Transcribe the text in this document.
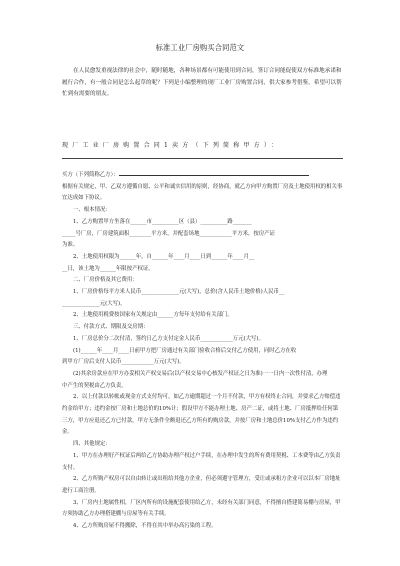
标准工业厂房购买合同范文
在人民愈发重视法律的社会中，随时随地，各种场景都有可能使用到合同，签订合同能促使双方标准地承诺和履行合作，有一般合同是怎么起草的呢？下列是小编整理的现厂工业厂房购置合同，供大家参考借鉴，希望可以帮忙到有需要的朋友。
现厂工业厂房购置合同1卖方（下列简称甲方）：
买方（下列简称乙方）：
根据有关规定，甲、乙双方遵循自愿、公平和诚实信用的原则，经协商，就乙方向甲方购置厂房及土地使用权的相关事
宜达成如下协议。
一、根本情况：
1、乙方购置甲方坐落在______市__________区（县）__________路_______
_____号厂房，厂房建筑面积________平方米，并配套场地____________平方米，按房产证
为准。
2、土地使用权限为______年，自______年____月____日到______年____月__
__日，该土地为______年限按产权证。
二、厂房价格及其它费用：
1、厂房价格每平方米人民币______________元(大写)，总价(含人民币土地价格)人民币__
______________元(大写)。
2、土地使用税费按国家有关规定由______方每年支付给有关部门。
三、付款方式、期限及交房期：
1、厂房总价分二次付清，签约日乙方支付定金人民币____________万元(大写)。
(1)______年____月____日前甲方把厂房通过有关部门验收合格后交付乙方使用，同时乙方在收
到甲方厂房后支付人民币____________万元(大写)。
(2)其余房款应在甲方办妥相关产权交易后(以产权交易中心核发产权证之日为准)一一日内一次性付清，办理
中产生的契税由乙方负责。
2、以上付款以转帐或现金方式支付均可，如乙方逾期超过一个月不付款，甲方有权终止合同，并要求乙方赔偿违
约金给甲方；违约金按厂房和土地总价的10%计；假设甲方不能办理土地、房产二证，或将土地、厂房抵押给任何第
三方，甲方应退还乙方已付款，甲方无条件全额退还乙方所有的购房款，并按厂房和土地总价10%支付乙方作为违约
金。
四、其他规定：
1、甲方在办理好产权证后两给乙方协助办理产权过户手续，在办理中发生的所有费用契税、工本费等由乙方负责
支付。
2、乙方所购产权房可以自由转让或出租给其他方企业，但必须遵守管理方，受让或承租方企业可以以本厂房地址
进行工商注册。
3、厂房内土地属性相，厂区内所有的设施配套使用给乙方，未经有关部门同意，不得擅自搭建简易棚与房屋，甲
方须协助乙方办理搭建棚与房屋等有关手续。
4、乙方所购房屋不得搬除，不得在其中举办高污染的工程。
